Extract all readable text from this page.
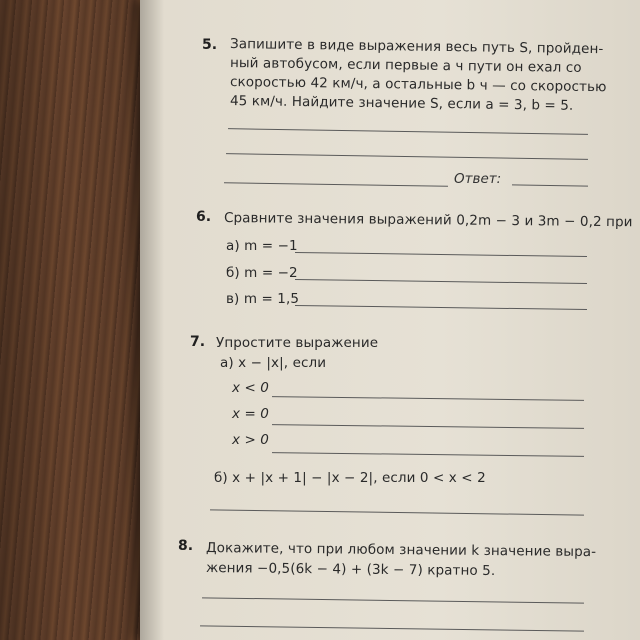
5. Запишите в виде выражения весь путь S, пройден-
ный автобусом, если первые a ч пути он ехал со
скоростью 42 км/ч, а остальные b ч — со скоростью
45 км/ч. Найдите значение S, если a = 3, b = 5.
Ответ:
6. Сравните значения выражений 0,2m − 3 и 3m − 0,2 при
а) m = −1
б) m = −2
в) m = 1,5
7. Упростите выражение
а) x − |x|, если
x < 0
x = 0
x > 0
б) x + |x + 1| − |x − 2|, если 0 < x < 2
8. Докажите, что при любом значении k значение выра-
жения −0,5(6k − 4) + (3k − 7) кратно 5.
